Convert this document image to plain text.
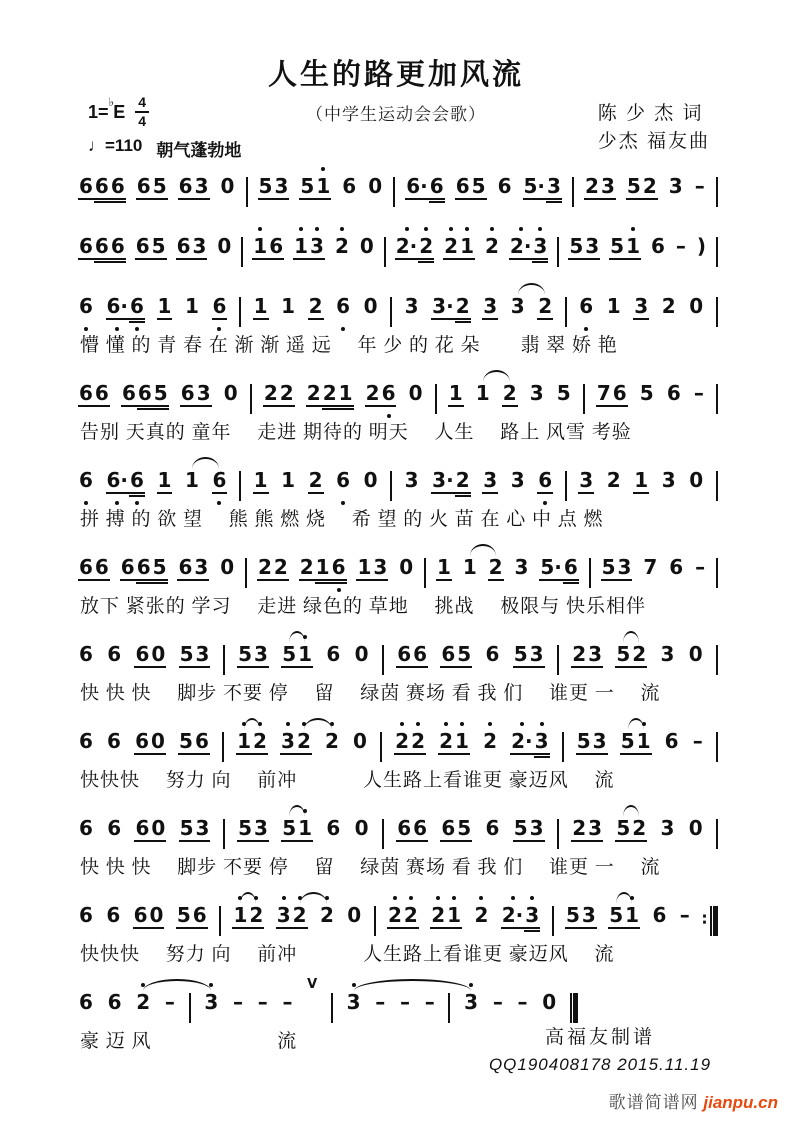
人生的路更加风流
（中学生运动会会歌）
1=♭E
4
4
♩=110 朝气蓬勃地
陈 少 杰 词
少杰 福友曲
6 6 6 6 5 6 3 0 5 3 5 1 6 0 6· 6 6 5 6 5· 3 2 3 5 2 3 –
6 6 6 6 5 6 3 0 1 6 1 3 2 0 2· 2 2 1 2 2· 3 5 3 5 1 6 – )
6 6· 6 1 1 6 1 1 2 6 0 3 3· 2 3 3 2 6 1 3 2 0
懵 懂 的 青 春 在 渐 渐 遥 远　 年 少 的 花 朵　　翡 翠 娇 艳
6 6 6 6 5 6 3 0 2 2 2 2 1 2 6 0 1 1 2 3 5 7 6 5 6 –
告别 天真的 童年　 走进 期待的 明天　 人生　 路上 风雪 考验
6 6· 6 1 1 6 1 1 2 6 0 3 3· 2 3 3 6 3 2 1 3 0
拼 搏 的 欲 望　 熊 熊 燃 烧　 希 望 的 火 苗 在 心 中 点 燃
6 6 6 6 5 6 3 0 2 2 2 1 6 1 3 0 1 1 2 3 5· 6 5 3 7 6 –
放下 紧张的 学习　 走进 绿色的 草地　 挑战　 极限与 快乐相伴
6 6 6 0 5 3 5 3 5 1 6 0 6 6 6 5 6 5 3 2 3 5 2 3 0
快 快 快　 脚步 不要 停　 留　 绿茵 赛场 看 我 们　 谁更 一　 流
6 6 6 0 5 6 1 2 3 2 2 0 2 2 2 1 2 2· 3 5 3 5 1 6 –
快快快　 努力 向　 前冲　　　 人生路上看谁更 豪迈风　 流
6 6 6 0 5 3 5 3 5 1 6 0 6 6 6 5 6 5 3 2 3 5 2 3 0
快 快 快　 脚步 不要 停　 留　 绿茵 赛场 看 我 们　 谁更 一　 流
6 6 6 0 5 6 1 2 3 2 2 0 2 2 2 1 2 2· 3 5 3 5 1 6 – ∶
快快快　 努力 向　 前冲　　　 人生路上看谁更 豪迈风　 流
6 6 2 – 3 – – –
V
3 – – – 3 – – 0
豪 迈 风　　　　　　 流	高福友制谱
QQ190408178 2015.11.19
歌谱简谱网 jianpu.cn
